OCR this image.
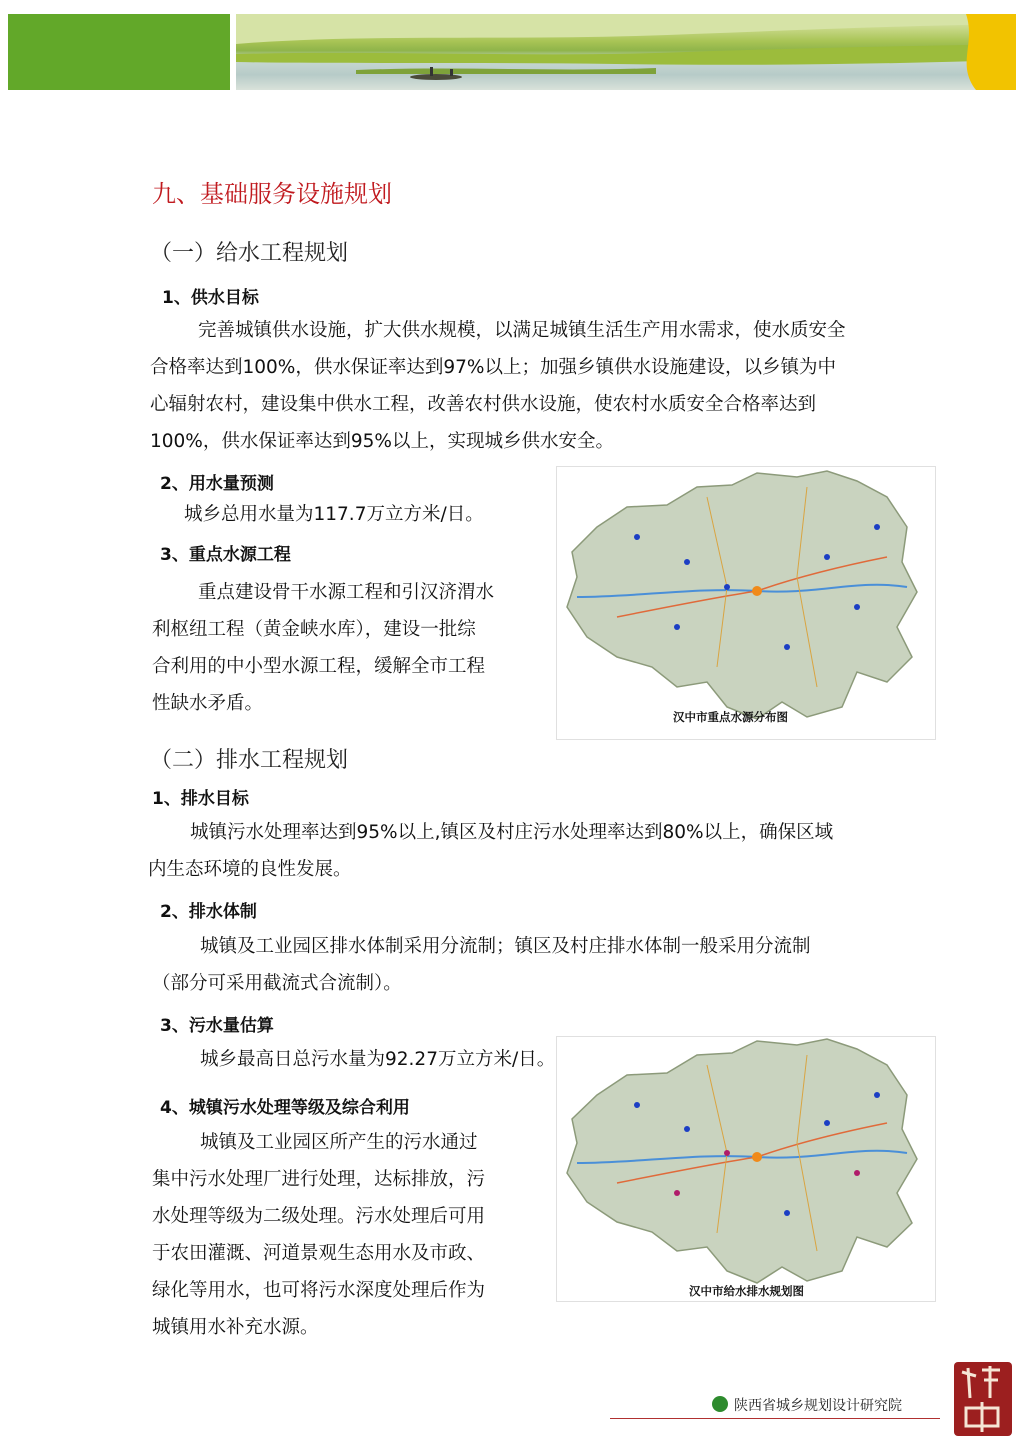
九、基础服务设施规划
（一）给水工程规划
1、供水目标
完善城镇供水设施，扩大供水规模，以满足城镇生活生产用水需求，使水质安全
合格率达到100%，供水保证率达到97%以上；加强乡镇供水设施建设，以乡镇为中
心辐射农村，建设集中供水工程，改善农村供水设施，使农村水质安全合格率达到
100%，供水保证率达到95%以上，实现城乡供水安全。
2、用水量预测
城乡总用水量为117.7万立方米/日。
3、重点水源工程
重点建设骨干水源工程和引汉济渭水
利枢纽工程（黄金峡水库），建设一批综
合利用的中小型水源工程，缓解全市工程
性缺水矛盾。
汉中市重点水源分布图
（二）排水工程规划
1、排水目标
城镇污水处理率达到95%以上,镇区及村庄污水处理率达到80%以上，确保区域
内生态环境的良性发展。
2、排水体制
城镇及工业园区排水体制采用分流制；镇区及村庄排水体制一般采用分流制
（部分可采用截流式合流制）。
3、污水量估算
城乡最高日总污水量为92.27万立方米/日。
4、城镇污水处理等级及综合利用
城镇及工业园区所产生的污水通过
集中污水处理厂进行处理，达标排放，污
水处理等级为二级处理。污水处理后可用
于农田灌溉、河道景观生态用水及市政、
绿化等用水，也可将污水深度处理后作为
城镇用水补充水源。
汉中市给水排水规划图
陕西省城乡规划设计研究院
